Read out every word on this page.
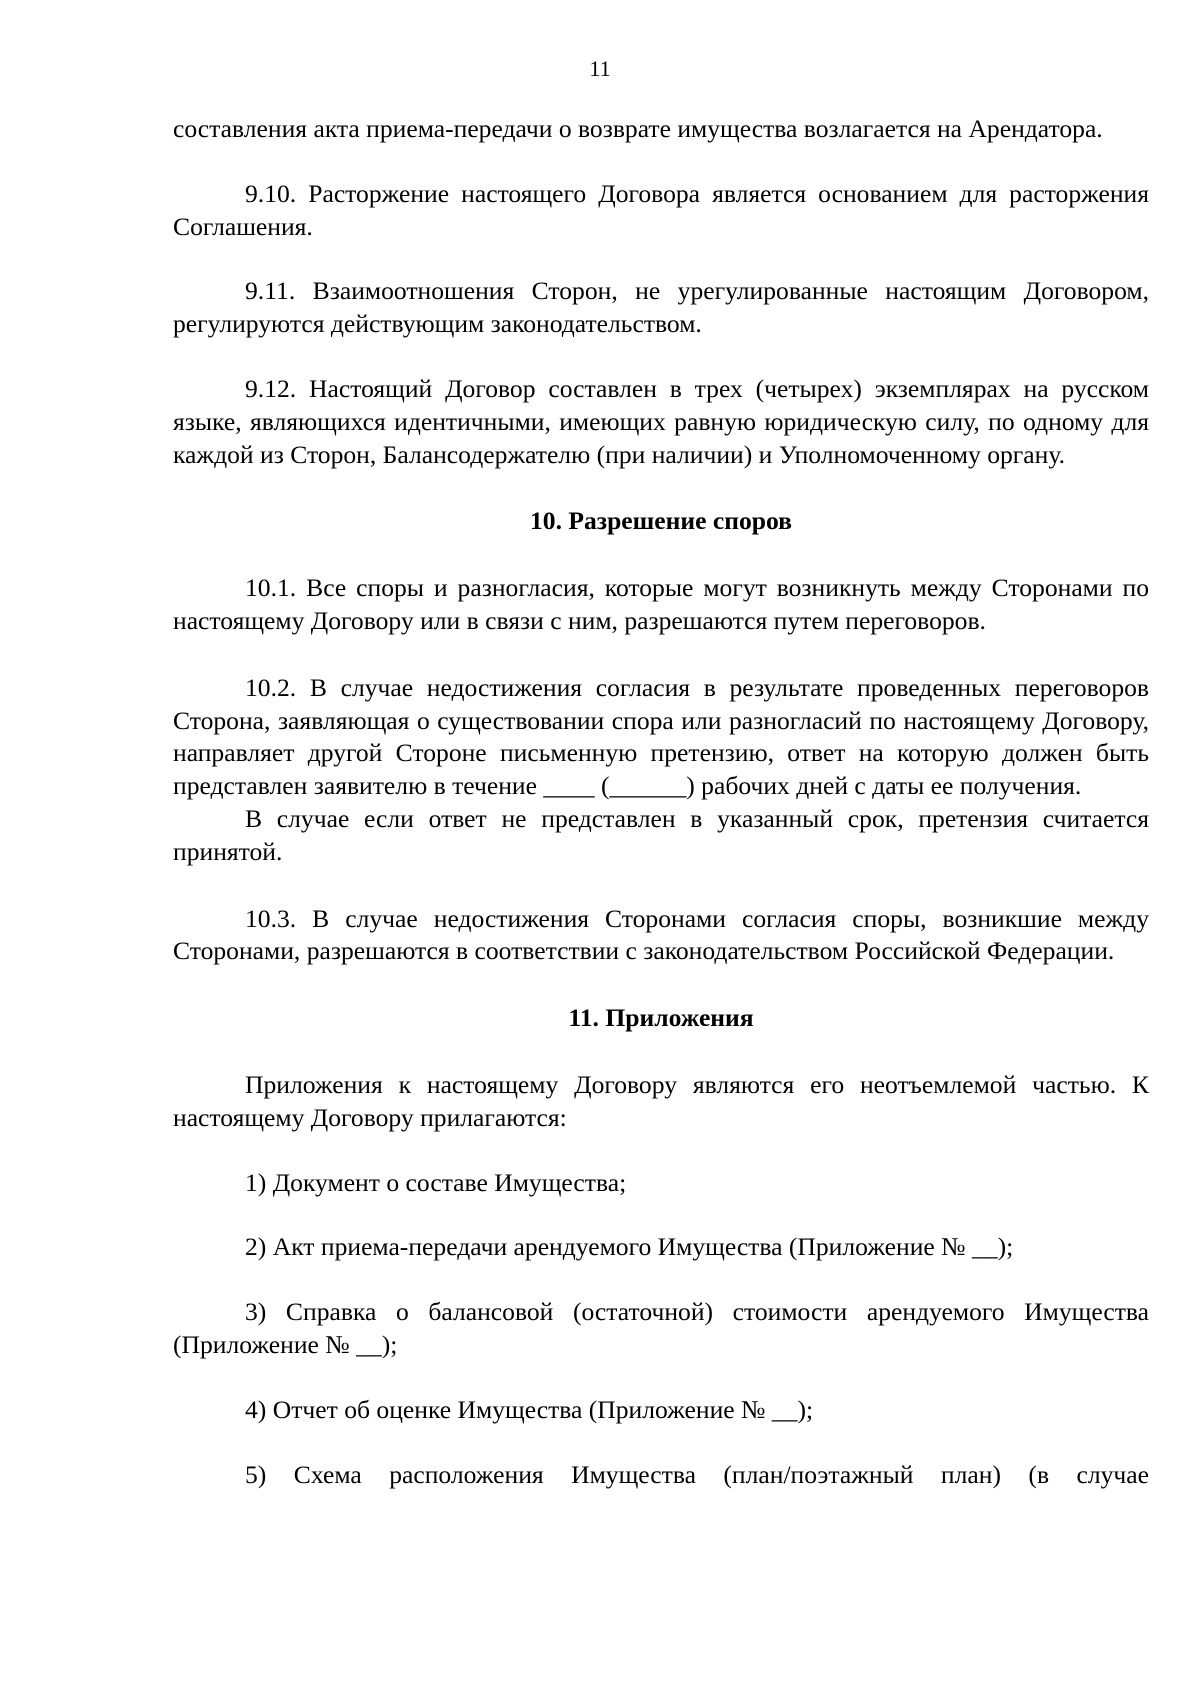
11

составления акта приема-передачи о возврате имущества возлагается на Арендатора.

9.10. Расторжение настоящего Договора является основанием для расторжения Соглашения.

9.11. Взаимоотношения Сторон, не урегулированные настоящим Договором, регулируются действующим законодательством.

9.12. Настоящий Договор составлен в трех (четырех) экземплярах на русском языке, являющихся идентичными, имеющих равную юридическую силу, по одному для каждой из Сторон, Балансодержателю (при наличии) и Уполномоченному органу.

10. Разрешение споров

10.1. Все споры и разногласия, которые могут возникнуть между Сторонами по настоящему Договору или в связи с ним, разрешаются путем переговоров.

10.2. В случае недостижения согласия в результате проведенных переговоров Сторона, заявляющая о существовании спора или разногласий по настоящему Договору, направляет другой Стороне письменную претензию, ответ на которую должен быть представлен заявителю в течение ____ (______) рабочих дней с даты ее получения.

В случае если ответ не представлен в указанный срок, претензия считается принятой.

10.3. В случае недостижения Сторонами согласия споры, возникшие между Сторонами, разрешаются в соответствии с законодательством Российской Федерации.

11. Приложения

Приложения к настоящему Договору являются его неотъемлемой частью. К настоящему Договору прилагаются:

1) Документ о составе Имущества;

2) Акт приема-передачи арендуемого Имущества (Приложение № __);

3) Справка о балансовой (остаточной) стоимости арендуемого Имущества (Приложение № __);

4) Отчет об оценке Имущества (Приложение № __);

5) Схема расположения Имущества (план/поэтажный план) (в случае
